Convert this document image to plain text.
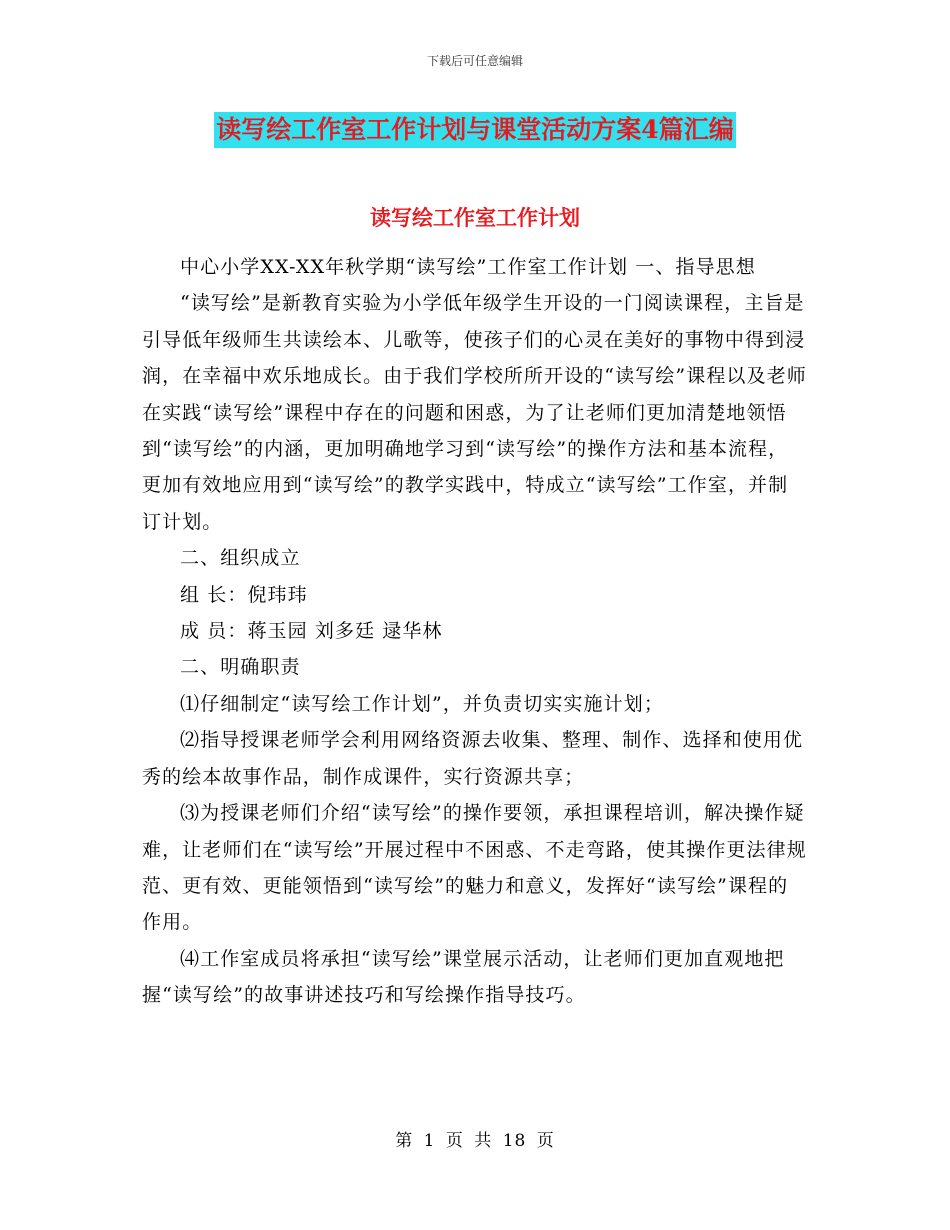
下载后可任意编辑
读写绘工作室工作计划与课堂活动方案4篇汇编
读写绘工作室工作计划

中心小学XX-XX年秋学期“读写绘”工作室工作计划 一、指导思想

“读写绘”是新教育实验为小学低年级学生开设的一门阅读课程，主旨是引导低年级师生共读绘本、儿歌等，使孩子们的心灵在美好的事物中得到浸润，在幸福中欢乐地成长。由于我们学校所所开设的“读写绘”课程以及老师在实践“读写绘”课程中存在的问题和困惑，为了让老师们更加清楚地领悟到“读写绘”的内涵，更加明确地学习到“读写绘”的操作方法和基本流程，更加有效地应用到“读写绘”的教学实践中，特成立“读写绘”工作室，并制订计划。

二、组织成立

组 长：倪玮玮

成 员：蒋玉园 刘多廷 逯华林

二、明确职责

⑴仔细制定“读写绘工作计划”，并负责切实实施计划；

⑵指导授课老师学会利用网络资源去收集、整理、制作、选择和使用优秀的绘本故事作品，制作成课件，实行资源共享；

⑶为授课老师们介绍“读写绘”的操作要领，承担课程培训，解决操作疑难，让老师们在“读写绘”开展过程中不困惑、不走弯路，使其操作更法律规范、更有效、更能领悟到“读写绘”的魅力和意义，发挥好“读写绘”课程的作用。

⑷工作室成员将承担“读写绘”课堂展示活动，让老师们更加直观地把握“读写绘”的故事讲述技巧和写绘操作指导技巧。

第 1 页 共 18 页
